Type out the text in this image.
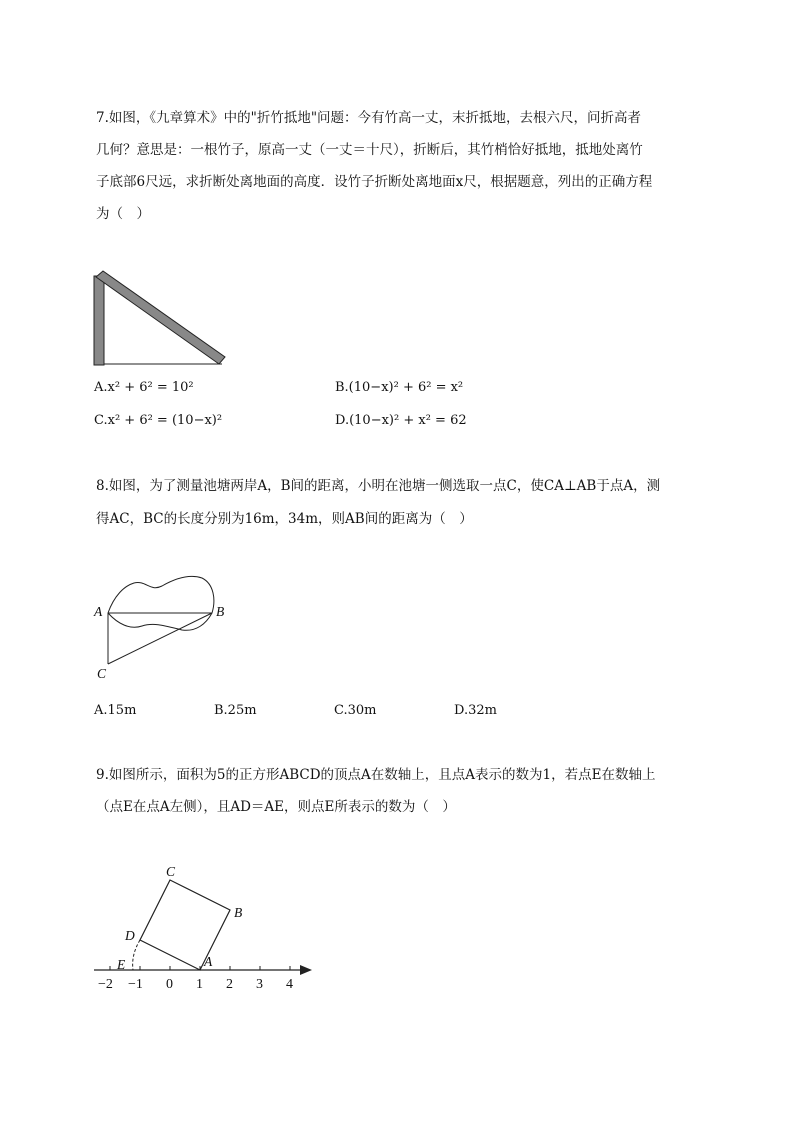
7.如图，《九章算术》中的"折竹抵地"问题：今有竹高一丈，末折抵地，去根六尺，问折高者
几何？意思是：一根竹子，原高一丈（一丈＝十尺），折断后，其竹梢恰好抵地，抵地处离竹
子底部6尺远，求折断处离地面的高度．设竹子折断处离地面x尺，根据题意，列出的正确方程
为（　）
A.x² + 6² = 10²	B.(10−x)² + 6² = x²
C.x² + 6² = (10−x)²	D.(10−x)² + x² = 62
8.如图，为了测量池塘两岸A，B间的距离，小明在池塘一侧选取一点C，使CA⊥AB于点A，测
得AC，BC的长度分别为16m，34m，则AB间的距离为（　）
A	B
C
A.15m	B.25m	C.30m	D.32m
9.如图所示，面积为5的正方形ABCD的顶点A在数轴上，且点A表示的数为1，若点E在数轴上
（点E在点A左侧），且AD＝AE，则点E所表示的数为（　）
C
B
D
E	A
−2 −1 0 1 2 3 4
